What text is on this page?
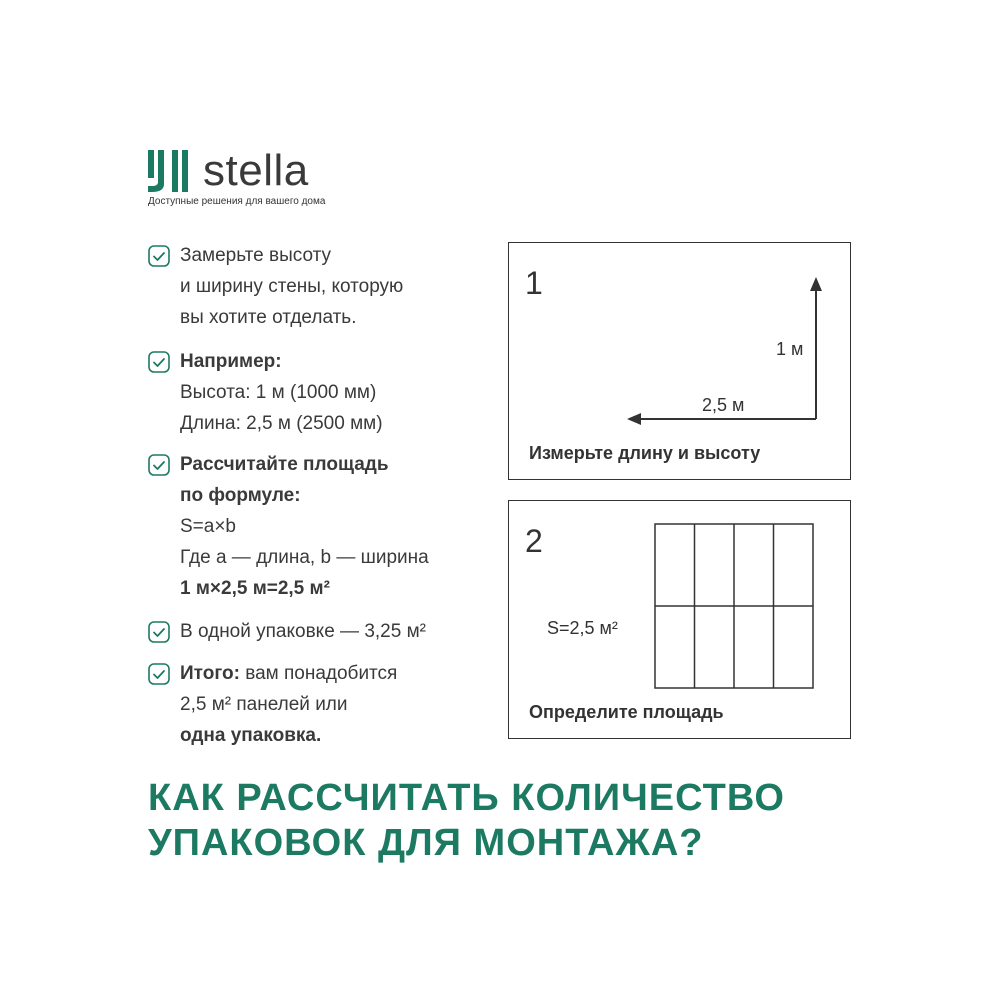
stella
Доступные решения для вашего дома
Замерьте высоту
и ширину стены, которую
вы хотите отделать.
Например:
Высота: 1 м (1000 мм)
Длина: 2,5 м (2500 мм)
Рассчитайте площадь
по формуле:
S=a×b
Где a — длина, b — ширина
1 м×2,5 м=2,5 м²
В одной упаковке — 3,25 м²
Итого: вам понадобится
2,5 м² панелей или
одна упаковка.
1
1 м
2,5 м
Измерьте длину и высоту
2
S=2,5 м²
Определите площадь
КАК РАССЧИТАТЬ КОЛИЧЕСТВО
УПАКОВОК ДЛЯ МОНТАЖА?
